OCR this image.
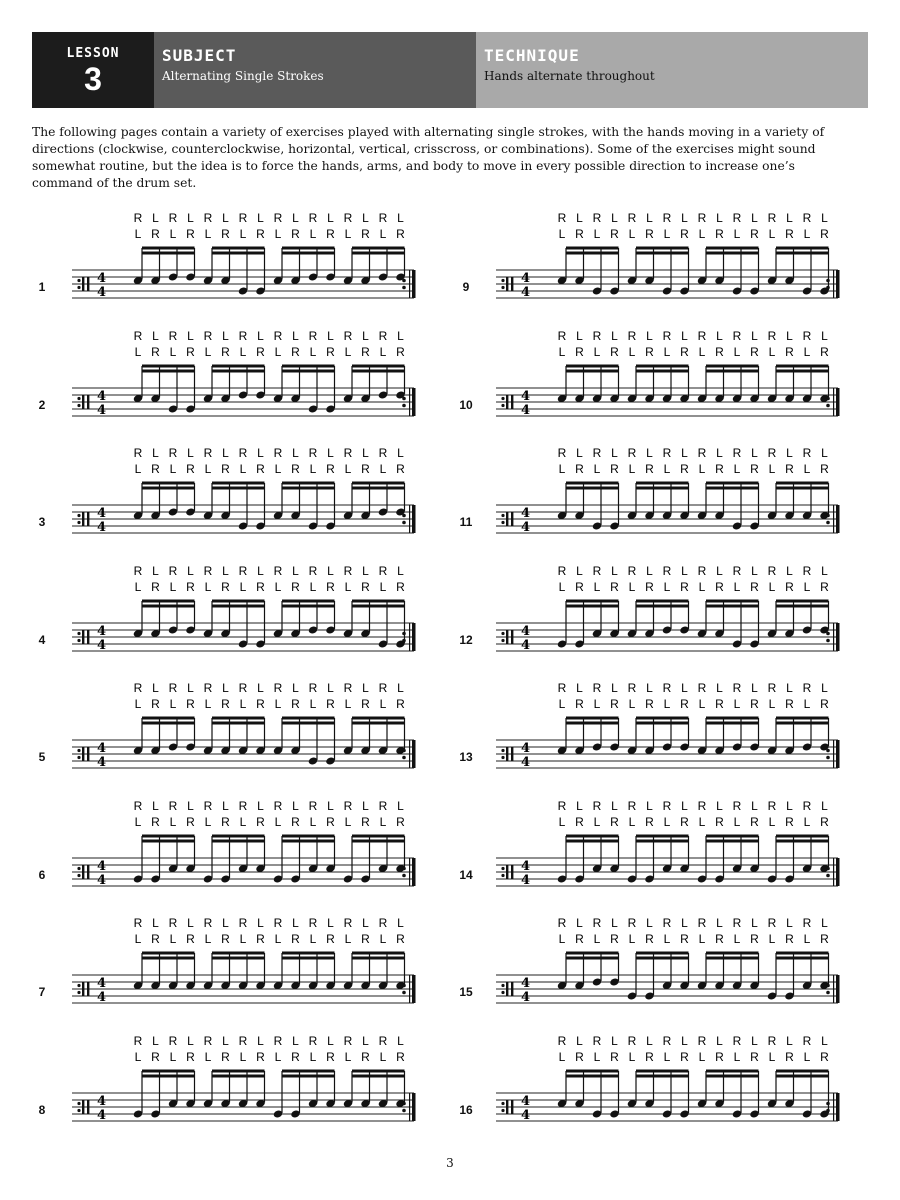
LESSON
3
SUBJECT
Alternating Single Strokes
TECHNIQUE
Hands alternate throughout
The following pages contain a variety of exercises played with alternating single strokes, with the hands moving in a variety of directions (clockwise, counterclockwise, horizontal, vertical, crisscross, or combinations). Some of the exercises might sound somewhat routine, but the idea is to force the hands, arms, and body to move in every possible direction to increase one’s command of the drum set.
1
4
4
R
L
L
R
R
L
L
R
R
L
L
R
R
L
L
R
R
L
L
R
R
L
L
R
R
L
L
R
R
L
L
R
2
4
4
R
L
L
R
R
L
L
R
R
L
L
R
R
L
L
R
R
L
L
R
R
L
L
R
R
L
L
R
R
L
L
R
3
4
4
R
L
L
R
R
L
L
R
R
L
L
R
R
L
L
R
R
L
L
R
R
L
L
R
R
L
L
R
R
L
L
R
4
4
4
R
L
L
R
R
L
L
R
R
L
L
R
R
L
L
R
R
L
L
R
R
L
L
R
R
L
L
R
R
L
L
R
5
4
4
R
L
L
R
R
L
L
R
R
L
L
R
R
L
L
R
R
L
L
R
R
L
L
R
R
L
L
R
R
L
L
R
6
4
4
R
L
L
R
R
L
L
R
R
L
L
R
R
L
L
R
R
L
L
R
R
L
L
R
R
L
L
R
R
L
L
R
7
4
4
R
L
L
R
R
L
L
R
R
L
L
R
R
L
L
R
R
L
L
R
R
L
L
R
R
L
L
R
R
L
L
R
8
4
4
R
L
L
R
R
L
L
R
R
L
L
R
R
L
L
R
R
L
L
R
R
L
L
R
R
L
L
R
R
L
L
R
9
4
4
R
L
L
R
R
L
L
R
R
L
L
R
R
L
L
R
R
L
L
R
R
L
L
R
R
L
L
R
R
L
L
R
10
4
4
R
L
L
R
R
L
L
R
R
L
L
R
R
L
L
R
R
L
L
R
R
L
L
R
R
L
L
R
R
L
L
R
11
4
4
R
L
L
R
R
L
L
R
R
L
L
R
R
L
L
R
R
L
L
R
R
L
L
R
R
L
L
R
R
L
L
R
12
4
4
R
L
L
R
R
L
L
R
R
L
L
R
R
L
L
R
R
L
L
R
R
L
L
R
R
L
L
R
R
L
L
R
13
4
4
R
L
L
R
R
L
L
R
R
L
L
R
R
L
L
R
R
L
L
R
R
L
L
R
R
L
L
R
R
L
L
R
14
4
4
R
L
L
R
R
L
L
R
R
L
L
R
R
L
L
R
R
L
L
R
R
L
L
R
R
L
L
R
R
L
L
R
15
4
4
R
L
L
R
R
L
L
R
R
L
L
R
R
L
L
R
R
L
L
R
R
L
L
R
R
L
L
R
R
L
L
R
16
4
4
R
L
L
R
R
L
L
R
R
L
L
R
R
L
L
R
R
L
L
R
R
L
L
R
R
L
L
R
R
L
L
R
3
